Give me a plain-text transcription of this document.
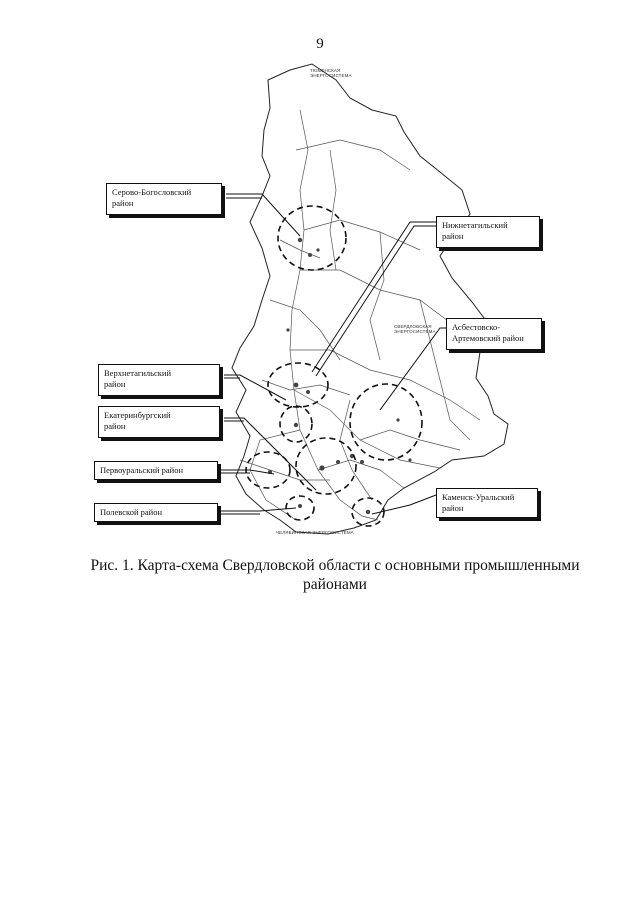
9
ТЮМЕНСКАЯ
ЭНЕРГОСИСТЕМА
СВЕРДЛОВСКАЯ
ЭНЕРГОСИСТЕМА
ЧЕЛЯБИНСКАЯ ЭНЕРГОСИСТЕМА
Серово-Богословский
район
Нижнетагильский
район
Асбестовско-
Артемовский район
Верхнетагильский
район
Екатеринбургский
район
Первоуральский район
Полевской район
Каменск-Уральский
район
Рис. 1. Карта-схема Свердловской области с основными промышленными
районами
